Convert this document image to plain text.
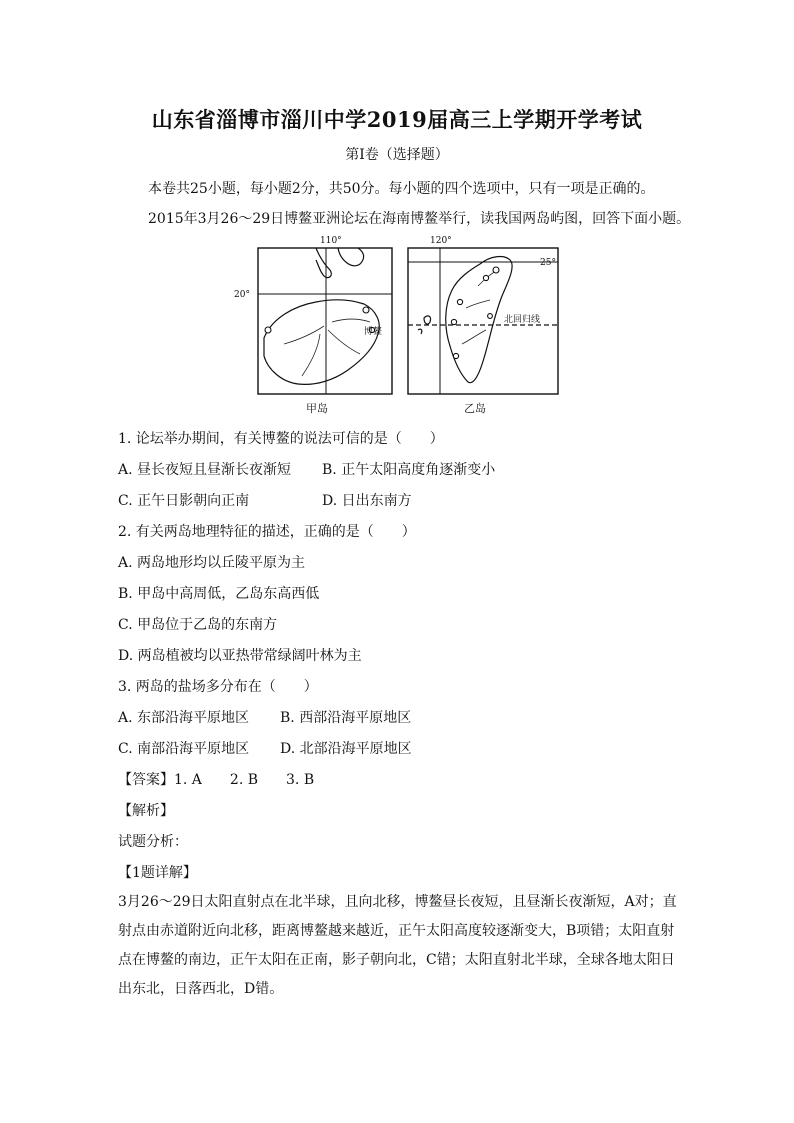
山东省淄博市淄川中学2019届高三上学期开学考试
第Ⅰ卷（选择题）
本卷共25小题，每小题2分，共50分。每小题的四个选项中，只有一项是正确的。
2015年3月26～29日博鳌亚洲论坛在海南博鳌举行，读我国两岛屿图，回答下面小题。
110°
20°
博鳌
甲岛
120°
25°
北回归线
乙岛
1. 论坛举办期间，有关博鳌的说法可信的是（　　）
A. 昼长夜短且昼渐长夜渐短 B. 正午太阳高度角逐渐变小
C. 正午日影朝向正南	D. 日出东南方
2. 有关两岛地理特征的描述，正确的是（　　）
A. 两岛地形均以丘陵平原为主
B. 甲岛中高周低，乙岛东高西低
C. 甲岛位于乙岛的东南方
D. 两岛植被均以亚热带常绿阔叶林为主
3. 两岛的盐场多分布在（　　）
A. 东部沿海平原地区 B. 西部沿海平原地区
C. 南部沿海平原地区 D. 北部沿海平原地区
【答案】1. A　　2. B　　3. B
【解析】
试题分析：
【1题详解】
3月26～29日太阳直射点在北半球，且向北移，博鳌昼长夜短，且昼渐长夜渐短，A对；直射点由赤道附近向北移，距离博鳌越来越近，正午太阳高度较逐渐变大，B项错；太阳直射点在博鳌的南边，正午太阳在正南，影子朝向北，C错；太阳直射北半球，全球各地太阳日出东北，日落西北，D错。
